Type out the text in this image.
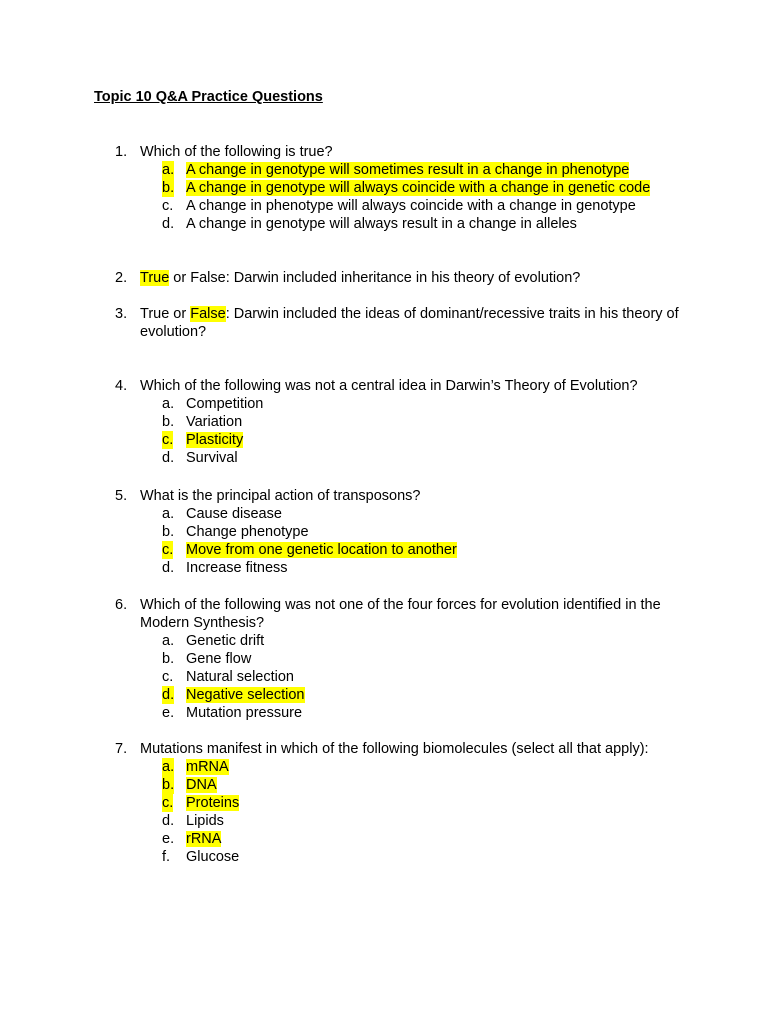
Topic 10 Q&A Practice Questions
1. Which of the following is true?
a. A change in genotype will sometimes result in a change in phenotype
b. A change in genotype will always coincide with a change in genetic code
c. A change in phenotype will always coincide with a change in genotype
d. A change in genotype will always result in a change in alleles
2. True or False: Darwin included inheritance in his theory of evolution?
3. True or False: Darwin included the ideas of dominant/recessive traits in his theory of evolution?
4. Which of the following was not a central idea in Darwin’s Theory of Evolution?
a. Competition
b. Variation
c. Plasticity
d. Survival
5. What is the principal action of transposons?
a. Cause disease
b. Change phenotype
c. Move from one genetic location to another
d. Increase fitness
6. Which of the following was not one of the four forces for evolution identified in the Modern Synthesis?
a. Genetic drift
b. Gene flow
c. Natural selection
d. Negative selection
e. Mutation pressure
7. Mutations manifest in which of the following biomolecules (select all that apply):
a. mRNA
b. DNA
c. Proteins
d. Lipids
e. rRNA
f. Glucose
